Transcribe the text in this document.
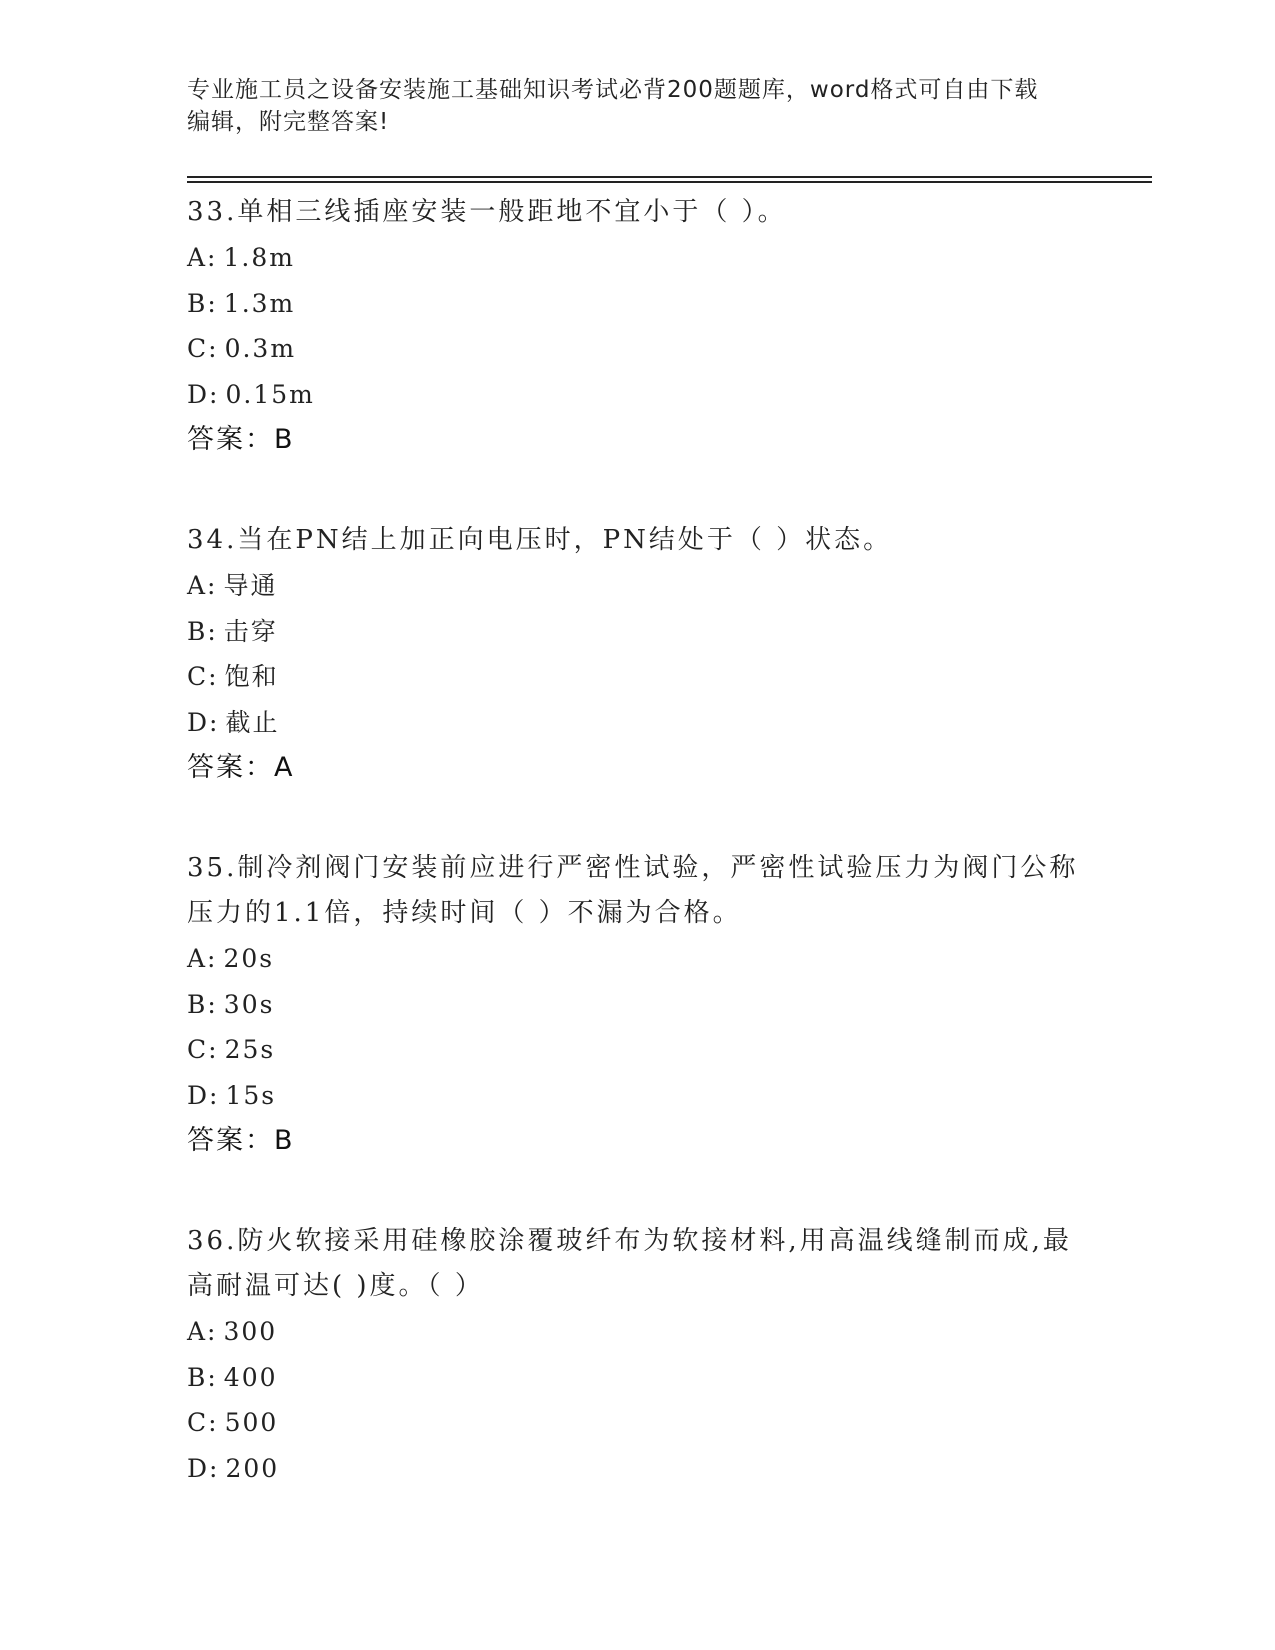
专业施工员之设备安装施工基础知识考试必背200题题库，word格式可自由下载
编辑，附完整答案!

33.单相三线插座安装一般距地不宜小于（ ）。

A: 1.8m

B: 1.3m

C: 0.3m

D: 0.15m

答案：B

34.当在PN结上加正向电压时，PN结处于（ ）状态。

A: 导通

B: 击穿

C: 饱和

D: 截止

答案：A

35.制冷剂阀门安装前应进行严密性试验，严密性试验压力为阀门公称压力的1.1倍，持续时间（ ）不漏为合格。

A: 20s

B: 30s

C: 25s

D: 15s

答案：B

36.防火软接采用硅橡胶涂覆玻纤布为软接材料,用高温线缝制而成,最高耐温可达( )度。（ ）

A: 300

B: 400

C: 500

D: 200
